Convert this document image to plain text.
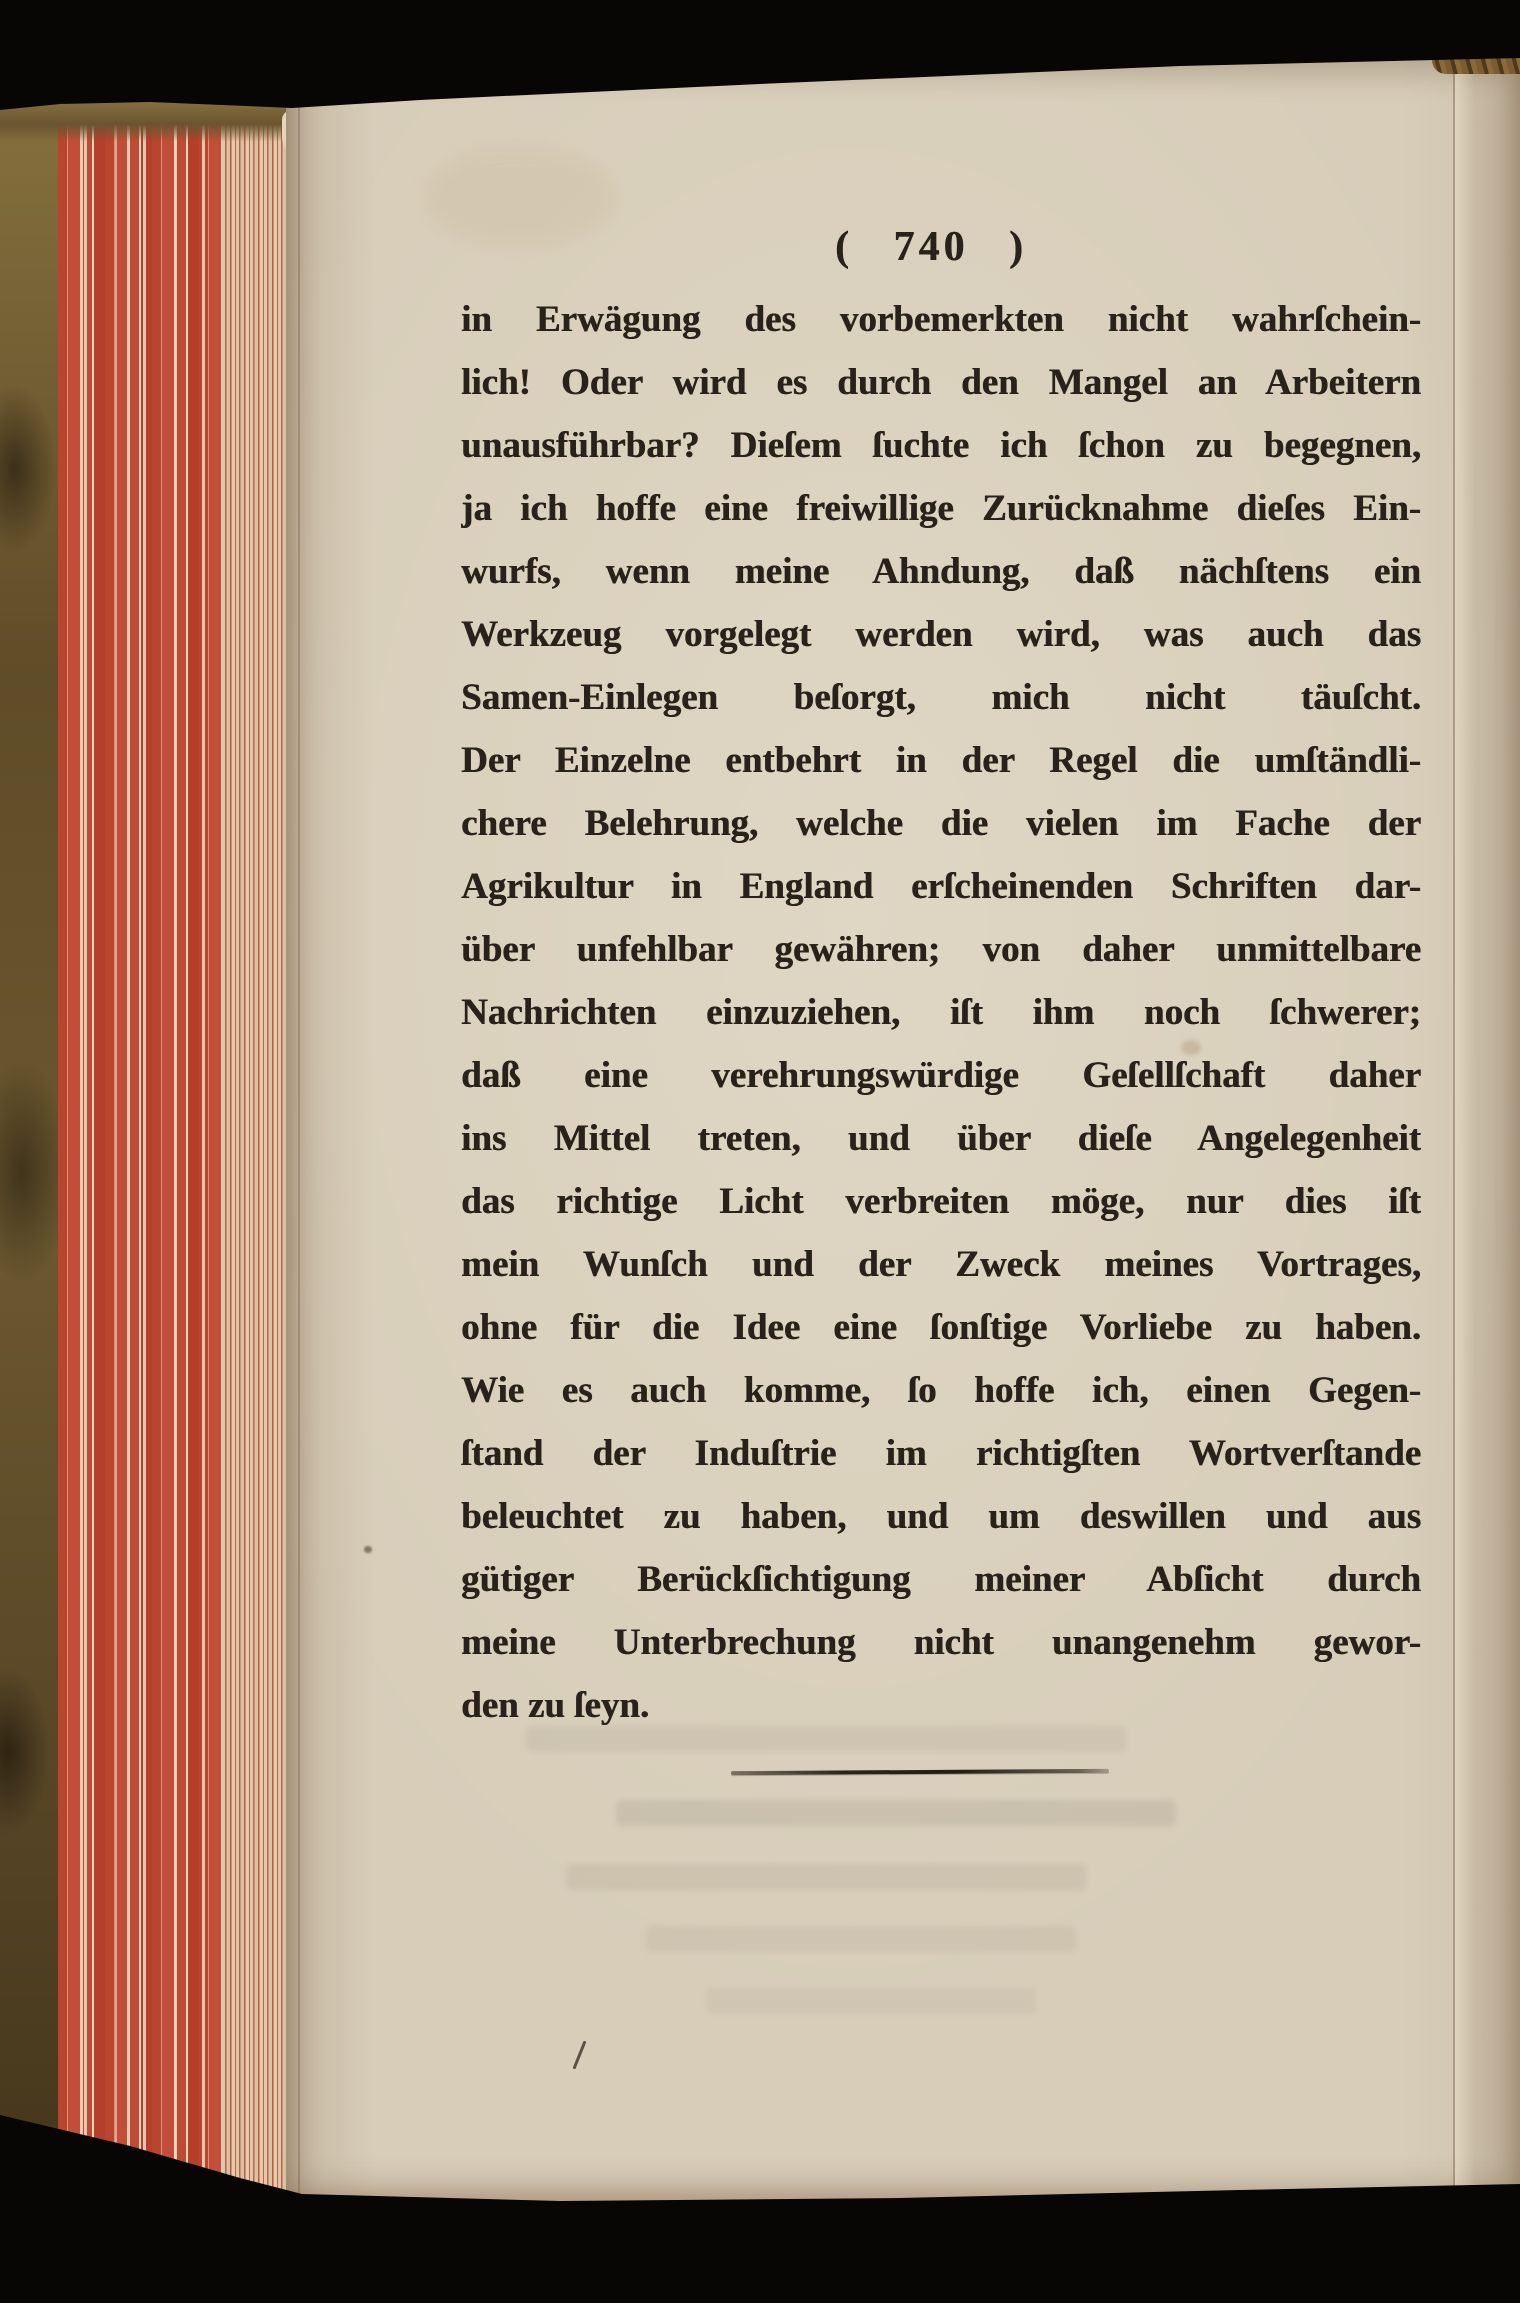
( 740 )
in Erwägung des vorbemerkten nicht wahrſchein-
lich! Oder wird es durch den Mangel an Arbeitern
unausführbar? Dieſem ſuchte ich ſchon zu begegnen,
ja ich hoffe eine freiwillige Zurücknahme dieſes Ein-
wurfs, wenn meine Ahndung, daß nächſtens ein
Werkzeug vorgelegt werden wird, was auch das
Samen-Einlegen beſorgt, mich nicht täuſcht.
Der Einzelne entbehrt in der Regel die umſtändli-
chere Belehrung, welche die vielen im Fache der
Agrikultur in England erſcheinenden Schriften dar-
über unfehlbar gewähren; von daher unmittelbare
Nachrichten einzuziehen, iſt ihm noch ſchwerer;
daß eine verehrungswürdige Geſellſchaft daher
ins Mittel treten, und über dieſe Angelegenheit
das richtige Licht verbreiten möge, nur dies iſt
mein Wunſch und der Zweck meines Vortrages,
ohne für die Idee eine ſonſtige Vorliebe zu haben.
Wie es auch komme, ſo hoffe ich, einen Gegen-
ſtand der Induſtrie im richtigſten Wortverſtande
beleuchtet zu haben, und um deswillen und aus
gütiger Berückſichtigung meiner Abſicht durch
meine Unterbrechung nicht unangenehm gewor-
den zu ſeyn.
